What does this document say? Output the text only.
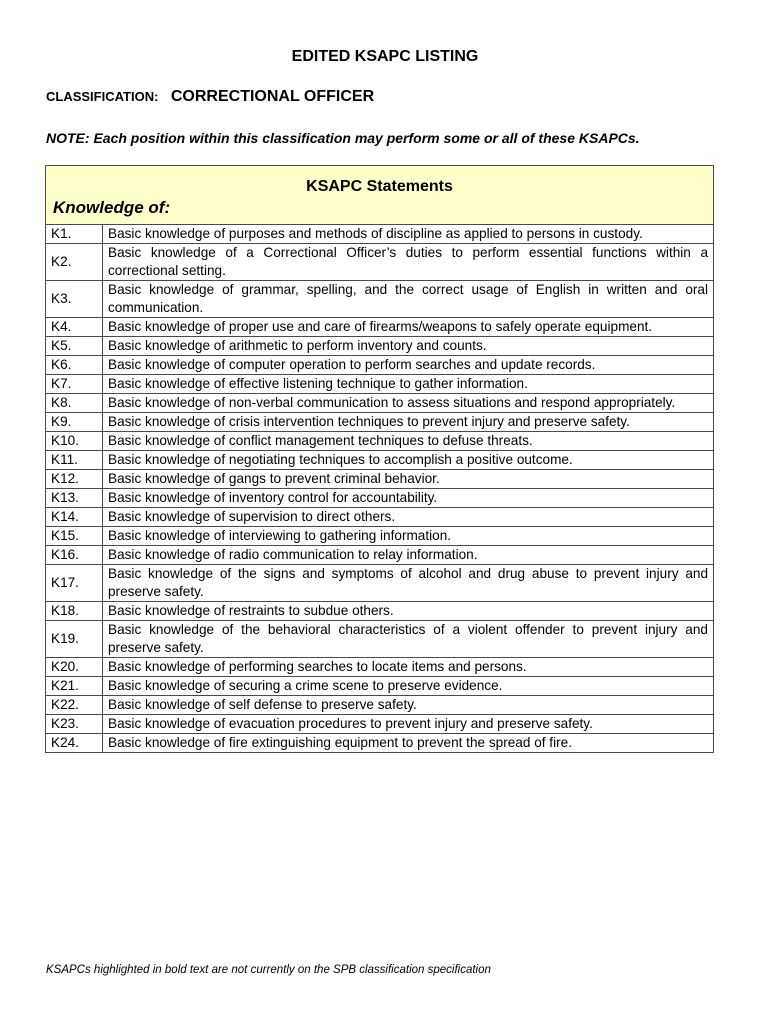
EDITED KSAPC LISTING
CLASSIFICATION: CORRECTIONAL OFFICER
NOTE: Each position within this classification may perform some or all of these KSAPCs.
KSAPC Statements
Knowledge of:	

K1.	Basic knowledge of purposes and methods of discipline as applied to persons in custody.
K2.	Basic knowledge of a Correctional Officer’s duties to perform essential functions within a correctional setting.
K3.	Basic knowledge of grammar, spelling, and the correct usage of English in written and oral communication.
K4.	Basic knowledge of proper use and care of firearms/weapons to safely operate equipment.
K5.	Basic knowledge of arithmetic to perform inventory and counts.
K6.	Basic knowledge of computer operation to perform searches and update records.
K7.	Basic knowledge of effective listening technique to gather information.
K8.	Basic knowledge of non-verbal communication to assess situations and respond appropriately.
K9.	Basic knowledge of crisis intervention techniques to prevent injury and preserve safety.
K10.	Basic knowledge of conflict management techniques to defuse threats.
K11.	Basic knowledge of negotiating techniques to accomplish a positive outcome.
K12.	Basic knowledge of gangs to prevent criminal behavior.
K13.	Basic knowledge of inventory control for accountability.
K14.	Basic knowledge of supervision to direct others.
K15.	Basic knowledge of interviewing to gathering information.
K16.	Basic knowledge of radio communication to relay information.
K17.	Basic knowledge of the signs and symptoms of alcohol and drug abuse to prevent injury and preserve safety.
K18.	Basic knowledge of restraints to subdue others.
K19.	Basic knowledge of the behavioral characteristics of a violent offender to prevent injury and preserve safety.
K20.	Basic knowledge of performing searches to locate items and persons.
K21.	Basic knowledge of securing a crime scene to preserve evidence.
K22.	Basic knowledge of self defense to preserve safety.
K23.	Basic knowledge of evacuation procedures to prevent injury and preserve safety.
K24.	Basic knowledge of fire extinguishing equipment to prevent the spread of fire.
KSAPCs highlighted in bold text are not currently on the SPB classification specification
